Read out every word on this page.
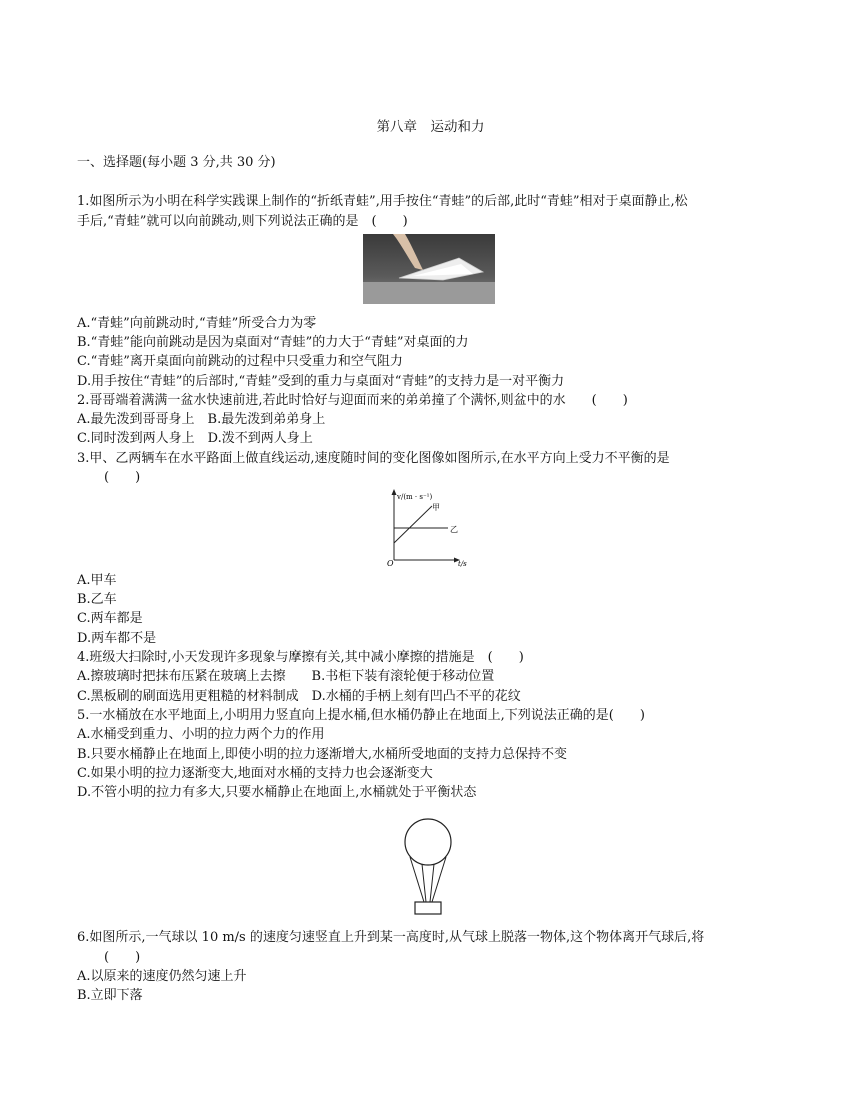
第八章　运动和力
一、选择题(每小题 3 分,共 30 分)
1.如图所示为小明在科学实践课上制作的“折纸青蛙”,用手按住“青蛙”的后部,此时“青蛙”相对于桌面静止,松
手后,“青蛙”就可以向前跳动,则下列说法正确的是　(　　)
A.“青蛙”向前跳动时,“青蛙”所受合力为零
B.“青蛙”能向前跳动是因为桌面对“青蛙”的力大于“青蛙”对桌面的力
C.“青蛙”离开桌面向前跳动的过程中只受重力和空气阻力
D.用手按住“青蛙”的后部时,“青蛙”受到的重力与桌面对“青蛙”的支持力是一对平衡力
2.哥哥端着满满一盆水快速前进,若此时恰好与迎面而来的弟弟撞了个满怀,则盆中的水　　(　　)
A.最先泼到哥哥身上　B.最先泼到弟弟身上
C.同时泼到两人身上　D.泼不到两人身上
3.甲、乙两辆车在水平路面上做直线运动,速度随时间的变化图像如图所示,在水平方向上受力不平衡的是
(　　)
v/(m · s⁻¹)
甲
乙
O	t/s
A.甲车
B.乙车
C.两车都是
D.两车都不是
4.班级大扫除时,小天发现许多现象与摩擦有关,其中减小摩擦的措施是　(　　)
A.擦玻璃时把抹布压紧在玻璃上去擦　　B.书柜下装有滚轮便于移动位置
C.黑板刷的刷面选用更粗糙的材料制成　D.水桶的手柄上刻有凹凸不平的花纹
5.一水桶放在水平地面上,小明用力竖直向上提水桶,但水桶仍静止在地面上,下列说法正确的是(　　)
A.水桶受到重力、小明的拉力两个力的作用
B.只要水桶静止在地面上,即使小明的拉力逐渐增大,水桶所受地面的支持力总保持不变
C.如果小明的拉力逐渐变大,地面对水桶的支持力也会逐渐变大
D.不管小明的拉力有多大,只要水桶静止在地面上,水桶就处于平衡状态
6.如图所示,一气球以 10 m/s 的速度匀速竖直上升到某一高度时,从气球上脱落一物体,这个物体离开气球后,将
(　　)
A.以原来的速度仍然匀速上升
B.立即下落
